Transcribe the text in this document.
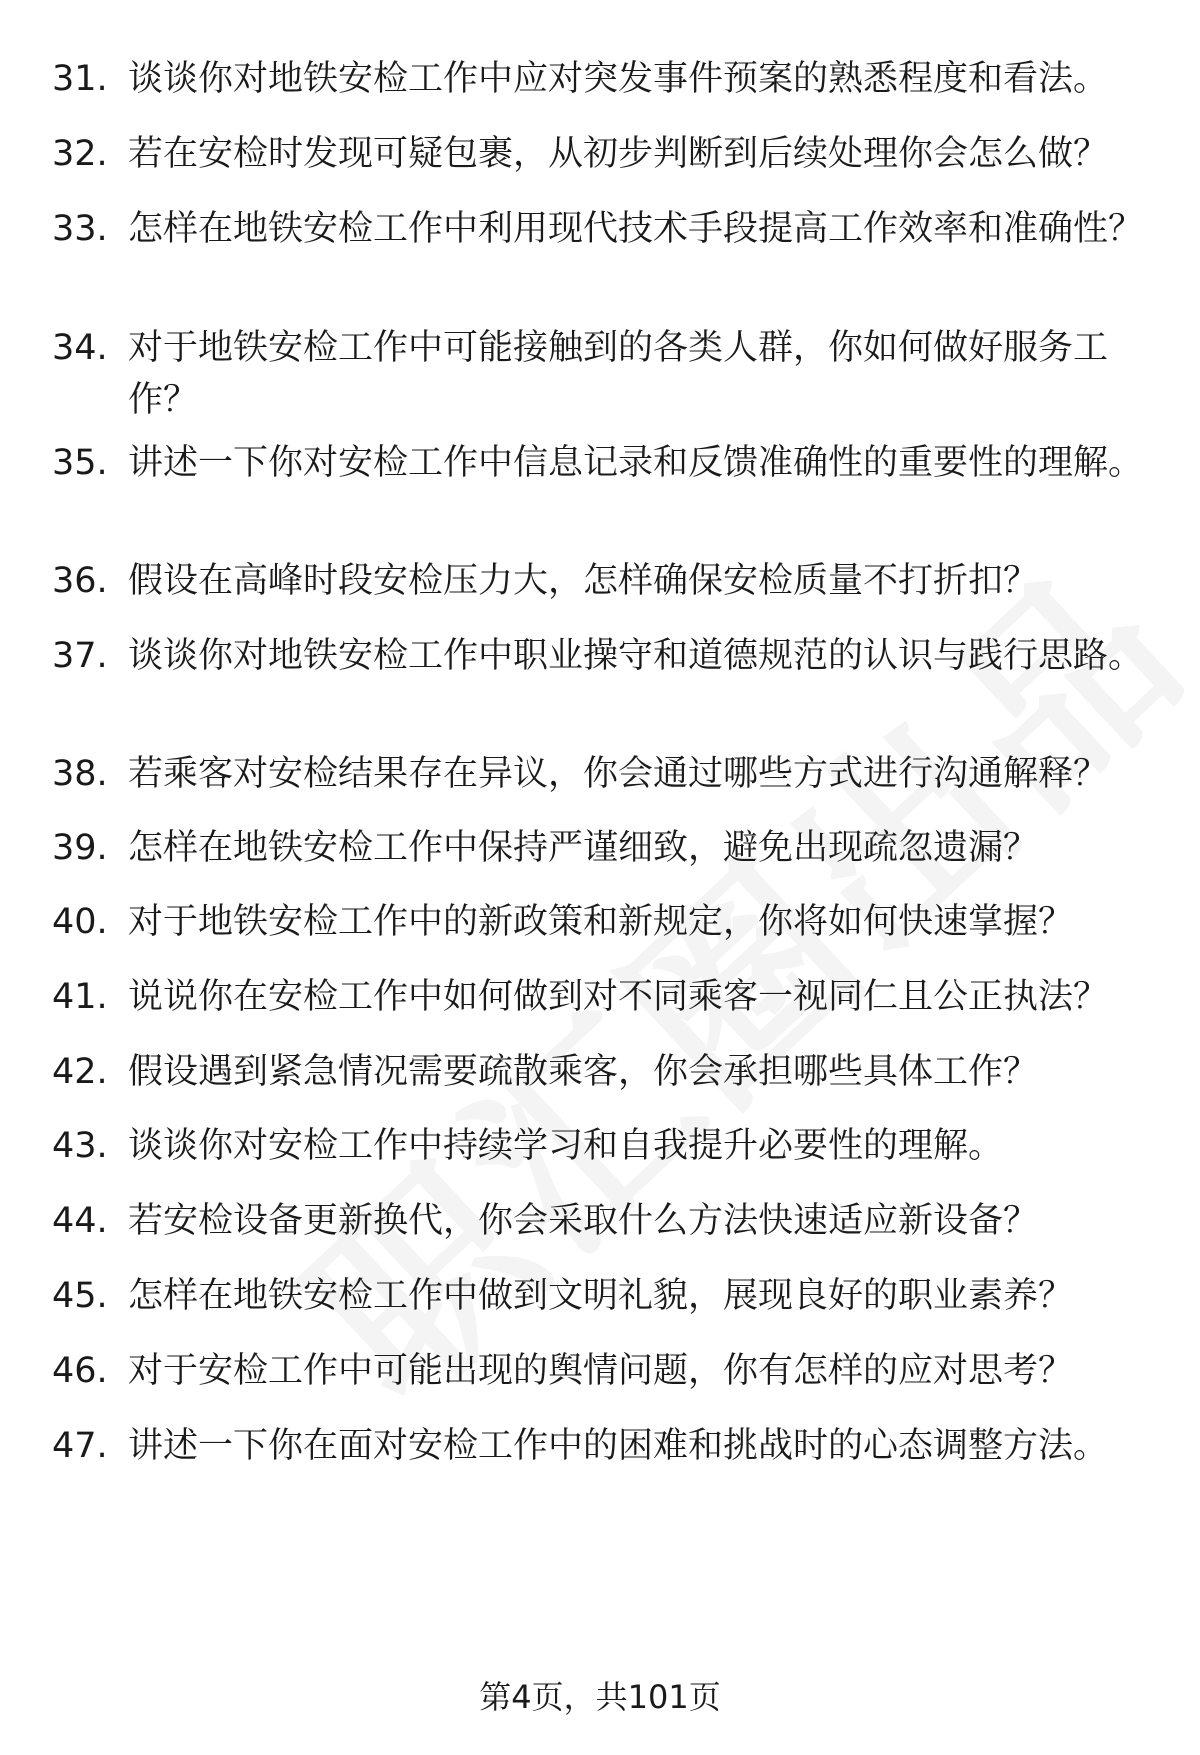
31. 谈谈你对地铁安检工作中应对突发事件预案的熟悉程度和看法。
32. 若在安检时发现可疑包裹，从初步判断到后续处理你会怎么做？
33. 怎样在地铁安检工作中利用现代技术手段提高工作效率和准确性？
34. 对于地铁安检工作中可能接触到的各类人群，你如何做好服务工作？
35. 讲述一下你对安检工作中信息记录和反馈准确性的重要性的理解。
36. 假设在高峰时段安检压力大，怎样确保安检质量不打折扣？
37. 谈谈你对地铁安检工作中职业操守和道德规范的认识与践行思路。
38. 若乘客对安检结果存在异议，你会通过哪些方式进行沟通解释？
39. 怎样在地铁安检工作中保持严谨细致，避免出现疏忽遗漏？
40. 对于地铁安检工作中的新政策和新规定，你将如何快速掌握？
41. 说说你在安检工作中如何做到对不同乘客一视同仁且公正执法？
42. 假设遇到紧急情况需要疏散乘客，你会承担哪些具体工作？
43. 谈谈你对安检工作中持续学习和自我提升必要性的理解。
44. 若安检设备更新换代，你会采取什么方法快速适应新设备？
45. 怎样在地铁安检工作中做到文明礼貌，展现良好的职业素养？
46. 对于安检工作中可能出现的舆情问题，你有怎样的应对思考？
47. 讲述一下你在面对安检工作中的困难和挑战时的心态调整方法。
第4页，共101页
